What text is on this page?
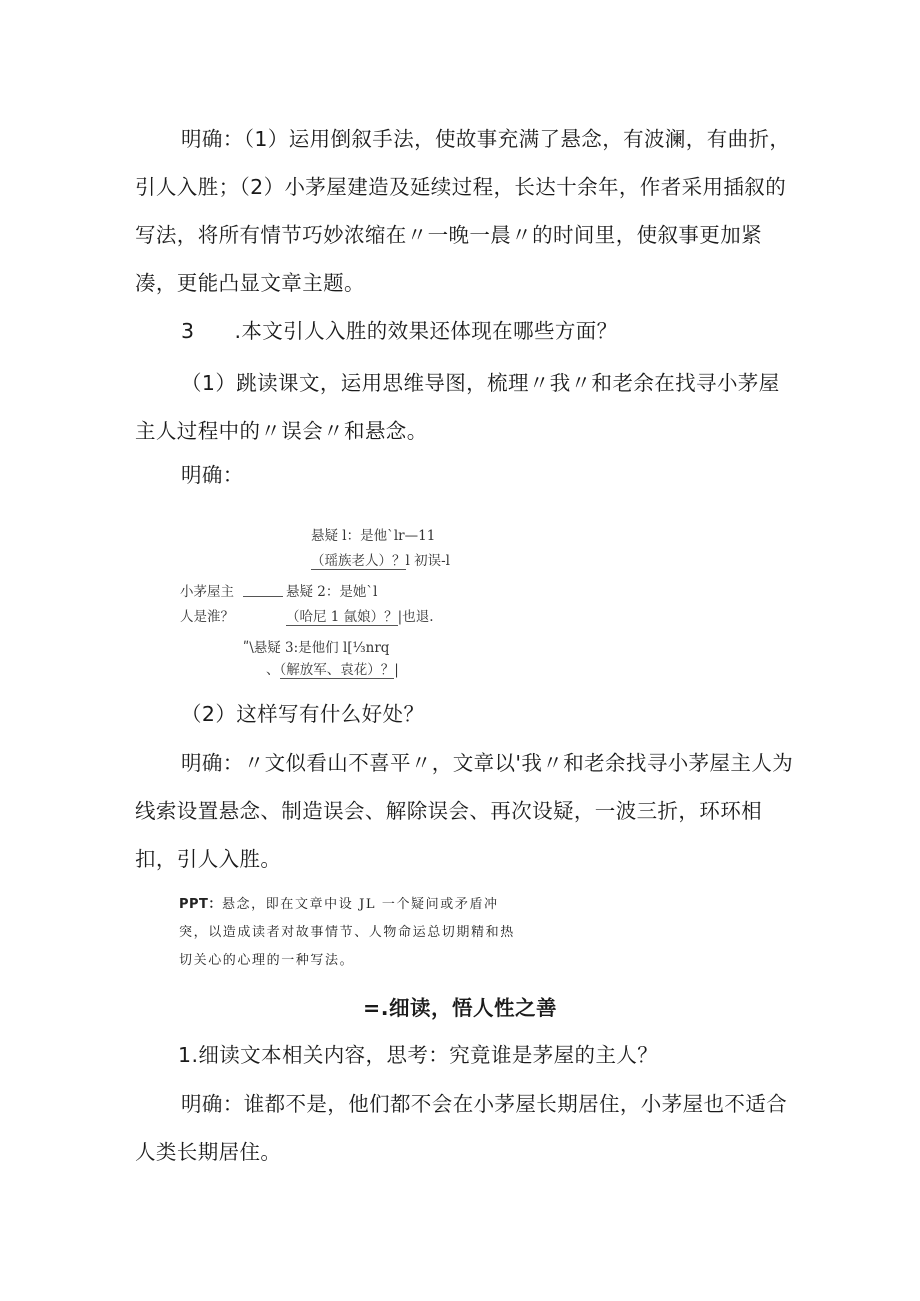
明确：（1）运用倒叙手法，使故事充满了悬念，有波澜，有曲折，引人入胜；（2）小茅屋建造及延续过程，长达十余年，作者采用插叙的写法，将所有情节巧妙浓缩在〃一晚一晨〃的时间里，使叙事更加紧凑，更能凸显文章主题。

3 .本文引人入胜的效果还体现在哪些方面？

（1）跳读课文，运用思维导图，梳理〃我〃和老余在找寻小茅屋主人过程中的〃误会〃和悬念。

明确：
悬疑 l：是他`lr—11
（瑶族老人）？l 初误-l
小茅屋主
	悬疑 2：是她`l
人是淮？	（哈尼 1 氤娘）？|也退.
ʺ\悬疑 3:是他们 l[⅓nrq
、（解放军、袁花）？|
（2）这样写有什么好处？

明确：〃文似看山不喜平〃，文章以'我〃和老余找寻小茅屋主人为线索设置悬念、制造误会、解除误会、再次设疑，一波三折，环环相扣，引人入胜。

PPT：悬念，即在文章中设 JL 一个疑问或矛盾冲突，以造成读者对故事情节、人物命运总切期精和热切关心的心理的一种写法。

=.细读，悟人性之善
1.细读文本相关内容，思考：究竟谁是茅屋的主人？

明确：谁都不是，他们都不会在小茅屋长期居住，小茅屋也不适合人类长期居住。
